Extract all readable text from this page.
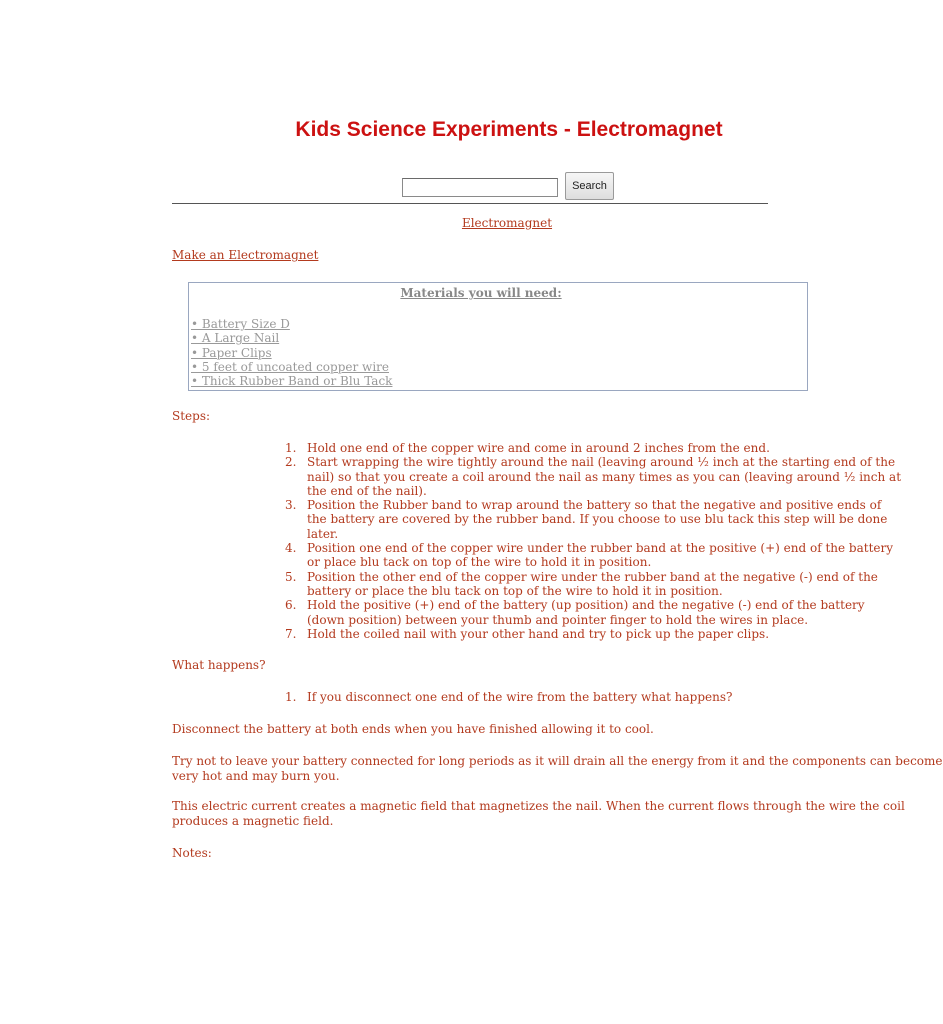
Kids Science Experiments - Electromagnet
Search
Electromagnet
Make an Electromagnet
Materials you will need:
• Battery Size D
• A Large Nail
• Paper Clips
• 5 feet of uncoated copper wire
• Thick Rubber Band or Blu Tack
Steps:
1. Hold one end of the copper wire and come in around 2 inches from the end.
2. Start wrapping the wire tightly around the nail (leaving around ½ inch at the starting end of the
nail) so that you create a coil around the nail as many times as you can (leaving around ½ inch at
the end of the nail).
3. Position the Rubber band to wrap around the battery so that the negative and positive ends of
the battery are covered by the rubber band. If you choose to use blu tack this step will be done
later.
4. Position one end of the copper wire under the rubber band at the positive (+) end of the battery
or place blu tack on top of the wire to hold it in position.
5. Position the other end of the copper wire under the rubber band at the negative (-) end of the
battery or place the blu tack on top of the wire to hold it in position.
6. Hold the positive (+) end of the battery (up position) and the negative (-) end of the battery
(down position) between your thumb and pointer finger to hold the wires in place.
7. Hold the coiled nail with your other hand and try to pick up the paper clips.
What happens?
1. If you disconnect one end of the wire from the battery what happens?
Disconnect the battery at both ends when you have finished allowing it to cool.
Try not to leave your battery connected for long periods as it will drain all the energy from it and the components can become
very hot and may burn you.
This electric current creates a magnetic field that magnetizes the nail. When the current flows through the wire the coil
produces a magnetic field.
Notes:
